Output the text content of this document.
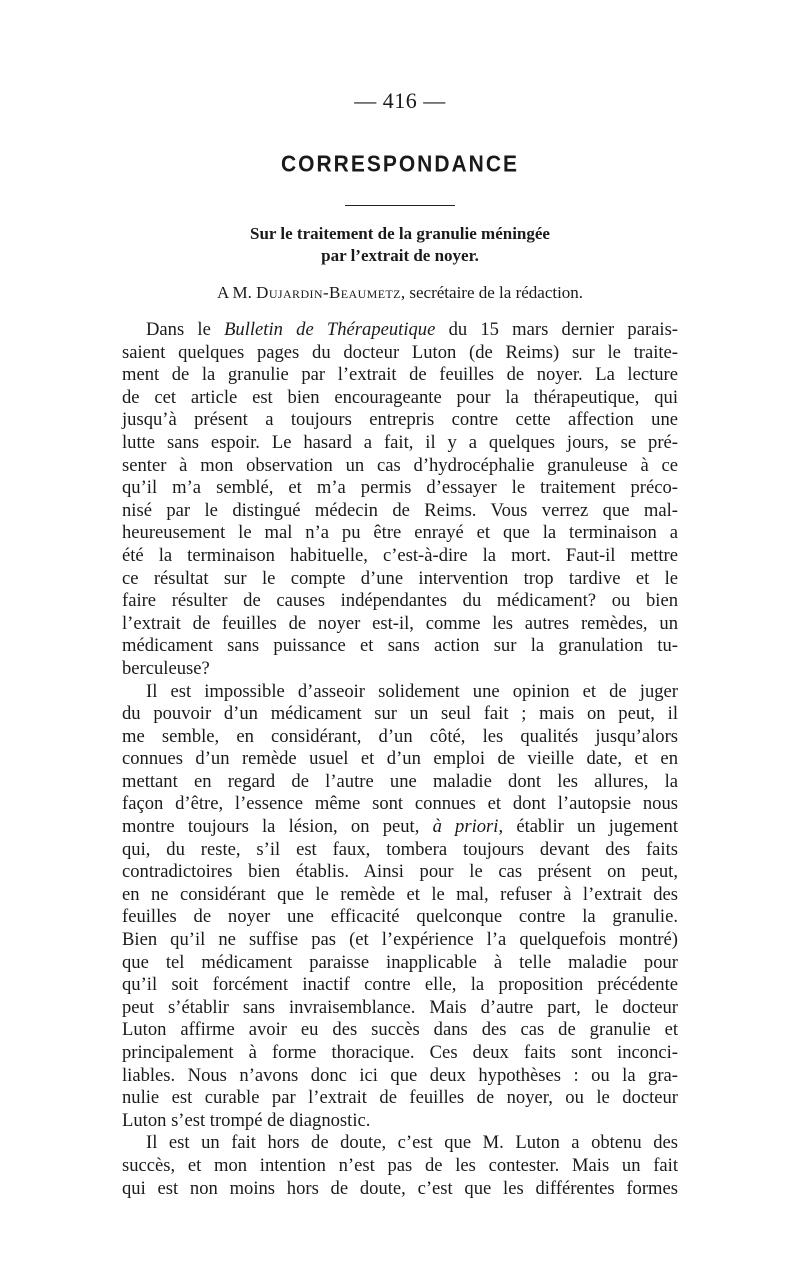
— 416 —
CORRESPONDANCE
Sur le traitement de la granulie méningée
par l’extrait de noyer.
A M. Dujardin-Beaumetz, secrétaire de la rédaction.
Dans le Bulletin de Thérapeutique du 15 mars dernier parais-
saient quelques pages du docteur Luton (de Reims) sur le traite-
ment de la granulie par l’extrait de feuilles de noyer. La lecture
de cet article est bien encourageante pour la thérapeutique, qui
jusqu’à présent a toujours entrepris contre cette affection une
lutte sans espoir. Le hasard a fait, il y a quelques jours, se pré-
senter à mon observation un cas d’hydrocéphalie granuleuse à ce
qu’il m’a semblé, et m’a permis d’essayer le traitement préco-
nisé par le distingué médecin de Reims. Vous verrez que mal-
heureusement le mal n’a pu être enrayé et que la terminaison a
été la terminaison habituelle, c’est-à-dire la mort. Faut-il mettre
ce résultat sur le compte d’une intervention trop tardive et le
faire résulter de causes indépendantes du médicament? ou bien
l’extrait de feuilles de noyer est-il, comme les autres remèdes, un
médicament sans puissance et sans action sur la granulation tu-
berculeuse?
Il est impossible d’asseoir solidement une opinion et de juger
du pouvoir d’un médicament sur un seul fait ; mais on peut, il
me semble, en considérant, d’un côté, les qualités jusqu’alors
connues d’un remède usuel et d’un emploi de vieille date, et en
mettant en regard de l’autre une maladie dont les allures, la
façon d’être, l’essence même sont connues et dont l’autopsie nous
montre toujours la lésion, on peut, à priori, établir un jugement
qui, du reste, s’il est faux, tombera toujours devant des faits
contradictoires bien établis. Ainsi pour le cas présent on peut,
en ne considérant que le remède et le mal, refuser à l’extrait des
feuilles de noyer une efficacité quelconque contre la granulie.
Bien qu’il ne suffise pas (et l’expérience l’a quelquefois montré)
que tel médicament paraisse inapplicable à telle maladie pour
qu’il soit forcément inactif contre elle, la proposition précédente
peut s’établir sans invraisemblance. Mais d’autre part, le docteur
Luton affirme avoir eu des succès dans des cas de granulie et
principalement à forme thoracique. Ces deux faits sont inconci-
liables. Nous n’avons donc ici que deux hypothèses : ou la gra-
nulie est curable par l’extrait de feuilles de noyer, ou le docteur
Luton s’est trompé de diagnostic.
Il est un fait hors de doute, c’est que M. Luton a obtenu des
succès, et mon intention n’est pas de les contester. Mais un fait
qui est non moins hors de doute, c’est que les différentes formes
